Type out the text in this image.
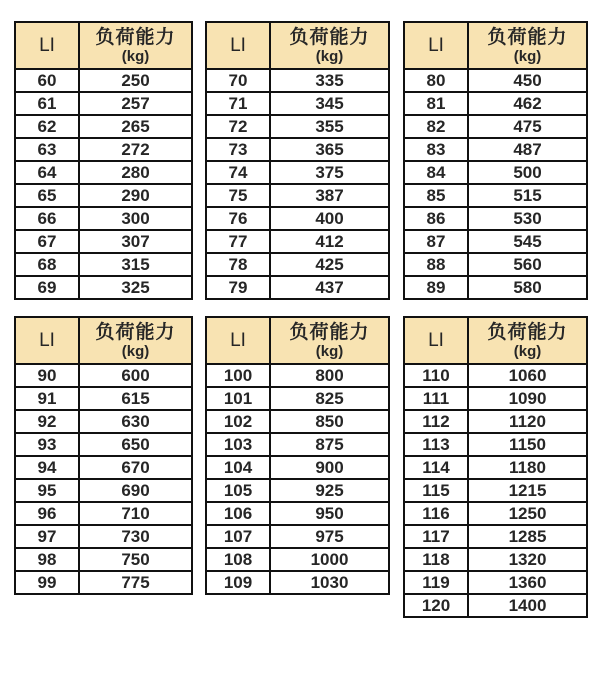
LI	负荷能力
(kg)

60	250
61	257
62	265
63	272
64	280
65	290
66	300
67	307
68	315
69	325
LI	负荷能力
(kg)

70	335
71	345
72	355
73	365
74	375
75	387
76	400
77	412
78	425
79	437
LI	负荷能力
(kg)

80	450
81	462
82	475
83	487
84	500
85	515
86	530
87	545
88	560
89	580
LI	负荷能力
(kg)

90	600
91	615
92	630
93	650
94	670
95	690
96	710
97	730
98	750
99	775
LI	负荷能力
(kg)

100	800
101	825
102	850
103	875
104	900
105	925
106	950
107	975
108	1000
109	1030
LI	负荷能力
(kg)

110	1060
111	1090
112	1120
113	1150
114	1180
115	1215
116	1250
117	1285
118	1320
119	1360
120	1400
